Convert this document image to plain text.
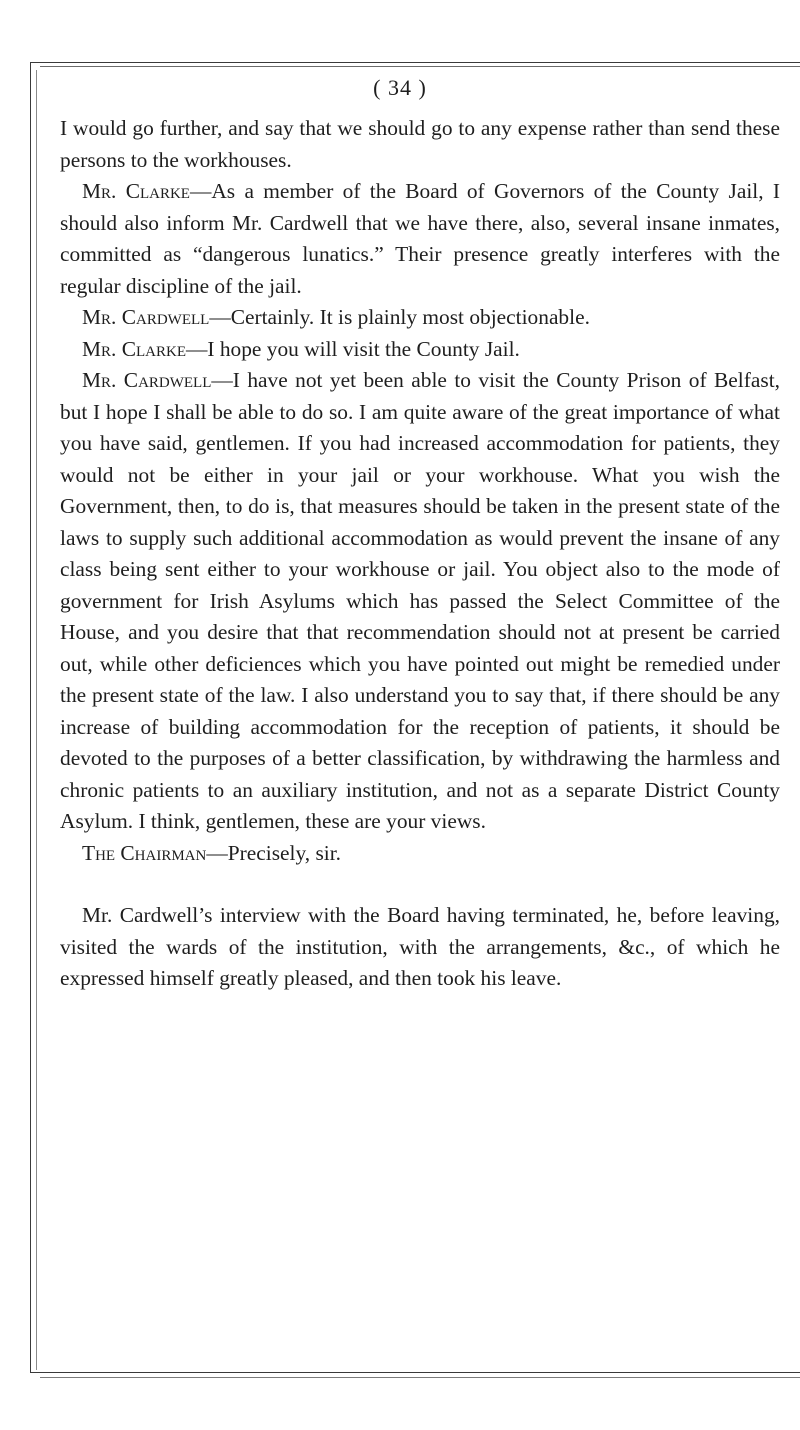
( 34 )

I would go further, and say that we should go to any expense rather than send these persons to the workhouses.

Mr. Clarke—As a member of the Board of Governors of the County Jail, I should also inform Mr. Cardwell that we have there, also, several insane inmates, committed as “dangerous lunatics.” Their presence greatly interferes with the regular discipline of the jail.

Mr. Cardwell—Certainly. It is plainly most objectionable.

Mr. Clarke—I hope you will visit the County Jail.

Mr. Cardwell—I have not yet been able to visit the County Prison of Belfast, but I hope I shall be able to do so. I am quite aware of the great importance of what you have said, gentlemen. If you had increased accommodation for patients, they would not be either in your jail or your workhouse. What you wish the Government, then, to do is, that measures should be taken in the present state of the laws to supply such additional accommodation as would prevent the insane of any class being sent either to your workhouse or jail. You object also to the mode of government for Irish Asylums which has passed the Select Committee of the House, and you desire that that recommendation should not at present be carried out, while other deficiences which you have pointed out might be remedied under the present state of the law. I also understand you to say that, if there should be any increase of building accommodation for the reception of patients, it should be devoted to the purposes of a better classification, by withdrawing the harmless and chronic patients to an auxiliary institution, and not as a separate District County Asylum. I think, gentlemen, these are your views.

The Chairman—Precisely, sir.

Mr. Cardwell’s interview with the Board having terminated, he, before leaving, visited the wards of the institution, with the arrangements, &c., of which he expressed himself greatly pleased, and then took his leave.
